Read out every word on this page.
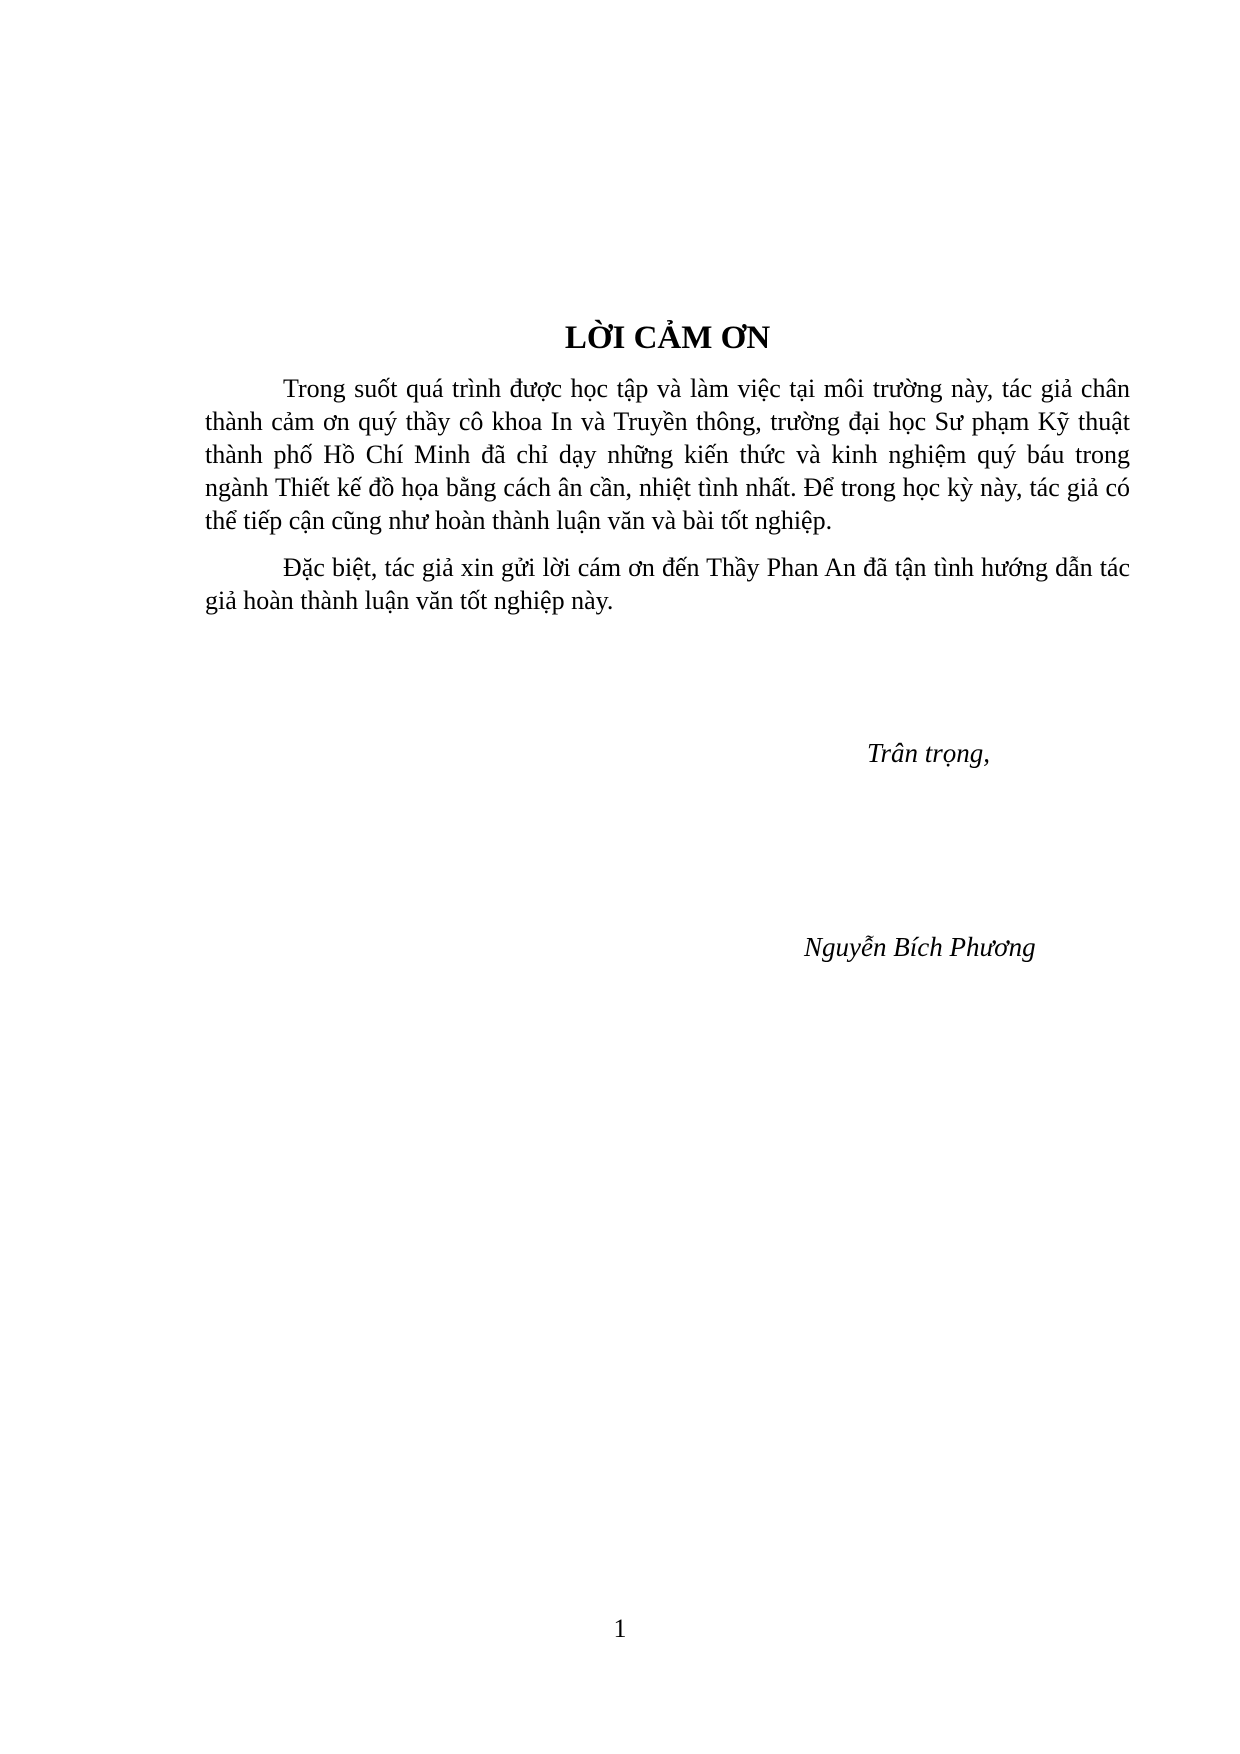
LỜI CẢM ƠN

Trong suốt quá trình được học tập và làm việc tại môi trường này, tác giả chân thành cảm ơn quý thầy cô khoa In và Truyền thông, trường đại học Sư phạm Kỹ thuật thành phố Hồ Chí Minh đã chỉ dạy những kiến thức và kinh nghiệm quý báu trong ngành Thiết kế đồ họa bằng cách ân cần, nhiệt tình nhất. Để trong học kỳ này, tác giả có thể tiếp cận cũng như hoàn thành luận văn và bài tốt nghiệp.

Đặc biệt, tác giả xin gửi lời cám ơn đến Thầy Phan An đã tận tình hướng dẫn tác giả hoàn thành luận văn tốt nghiệp này.

Trân trọng,
Nguyễn Bích Phương
1
